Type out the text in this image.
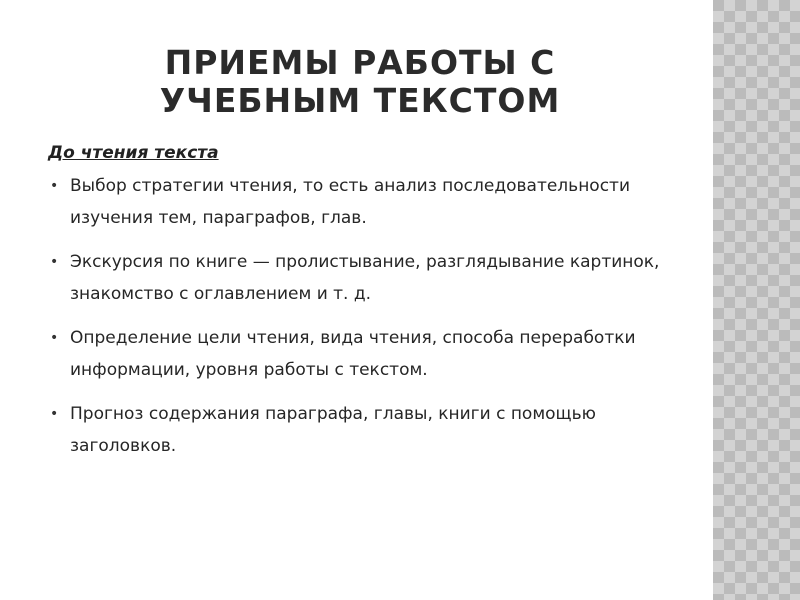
ПРИЕМЫ РАБОТЫ С
УЧЕБНЫМ ТЕКСТОМ
До чтения текста
• Выбор стратегии чтения, то есть анализ последовательности изучения тем, параграфов, глав.
• Экскурсия по книге — пролистывание, разглядывание картинок, знакомство с оглавлением и т. д.
• Определение цели чтения, вида чтения, способа переработки информации, уровня работы с текстом.
• Прогноз содержания параграфа, главы, книги с помощью заголовков.
